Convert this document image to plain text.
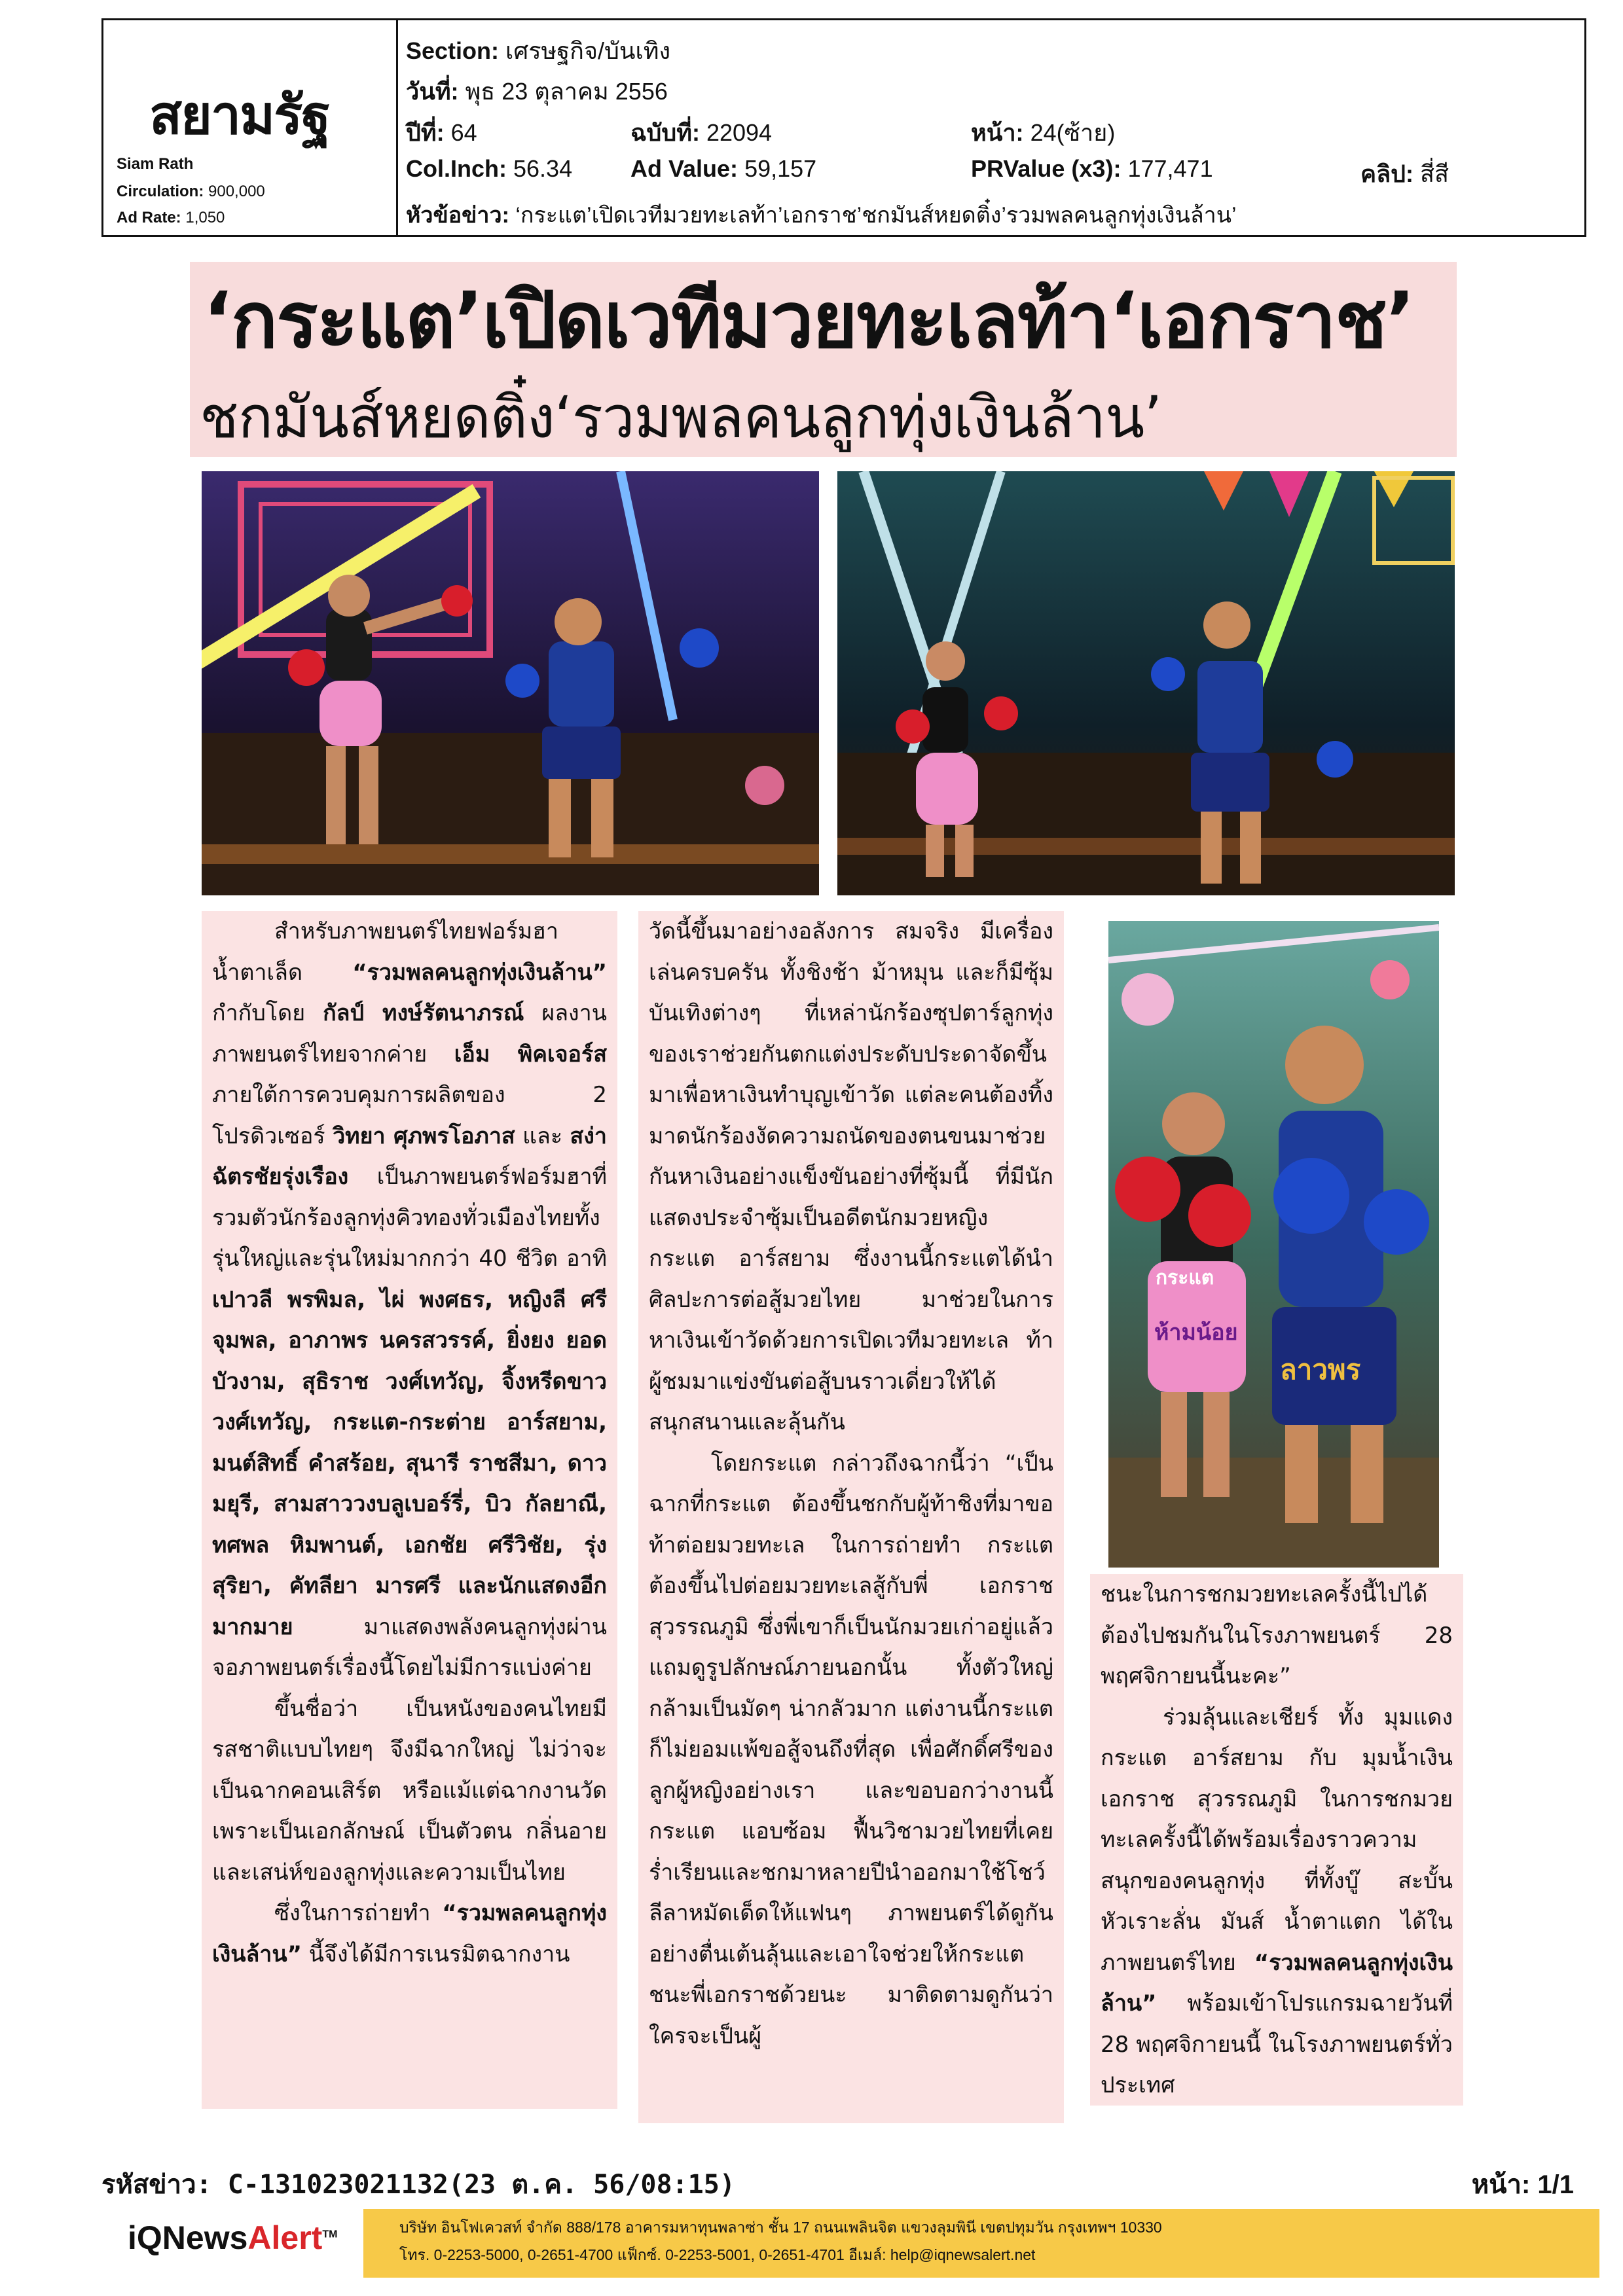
สยามรัฐ
Siam Rath
Circulation: 900,000
Ad Rate: 1,050
Section: เศรษฐกิจ/บันเทิง
วันที่: พุธ 23 ตุลาคม 2556
ปีที่: 64	ฉบับที่: 22094	หน้า: 24(ซ้าย)
Col.Inch: 56.34 Ad Value: 59,157	PRValue (x3): 177,471	คลิป: สี่สี
หัวข้อข่าว: ‘กระแต’เปิดเวทีมวยทะเลท้า’เอกราช’ชกมันส์หยดติ๋ง’รวมพลคนลูกทุ่งเงินล้าน’
‘กระแต’เปิดเวทีมวยทะเลท้า‘เอกราช’
ชกมันส์หยดติ๋ง‘รวมพลคนลูกทุ่งเงินล้าน’
กระแต
ห้ามน้อย
ลาวพร

สำหรับภาพยนตร์ไทยฟอร์มฮา น้ำตาเล็ด “รวมพลคนลูกทุ่งเงินล้าน” กำกับโดย กัลป์ ทงษ์รัตนาภรณ์ ผลงานภาพยนตร์ไทยจากค่าย เอ็ม พิคเจอร์ส ภายใต้การควบคุมการผลิตของ 2 โปรดิวเซอร์ วิทยา ศุภพรโอภาส และ สง่า ฉัตรชัยรุ่งเรือง เป็นภาพยนตร์ฟอร์มฮาที่รวมตัวนักร้องลูกทุ่งคิวทองทั่วเมืองไทยทั้งรุ่นใหญ่และรุ่นใหม่มากกว่า 40 ชีวิต อาทิ เปาวลี พรพิมล, ไผ่ พงศธร, หญิงลี ศรีจุมพล, อาภาพร นครสวรรค์, ยิ่งยง ยอดบัวงาม, สุธิราช วงศ์เทวัญ, จิ้งหรีดขาว วงศ์เทวัญ, กระแต-กระต่าย อาร์สยาม, มนต์สิทธิ์ คำสร้อย, สุนารี ราชสีมา, ดาว มยุรี, สามสาววงบลูเบอร์รี่, บิว กัลยาณี, ทศพล หิมพานต์, เอกชัย ศรีวิชัย, รุ่ง สุริยา, คัทลียา มารศรี และนักแสดงอีกมากมาย มาแสดงพลังคนลูกทุ่งผ่านจอภาพยนตร์เรื่องนี้โดยไม่มีการแบ่งค่าย

ขึ้นชื่อว่า เป็นหนังของคนไทยมีรสชาติแบบไทยๆ จึงมีฉากใหญ่ ไม่ว่าจะเป็นฉากคอนเสิร์ต หรือแม้แต่ฉากงานวัด เพราะเป็นเอกลักษณ์ เป็นตัวตน กลิ่นอาย และเสน่ห์ของลูกทุ่งและความเป็นไทย

ซึ่งในการถ่ายทำ “รวมพลคนลูกทุ่งเงินล้าน” นี้จึงได้มีการเนรมิตฉากงาน

วัดนี้ขึ้นมาอย่างอลังการ สมจริง มีเครื่องเล่นครบครัน ทั้งชิงช้า ม้าหมุน และก็มีซุ้มบันเทิงต่างๆ ที่เหล่านักร้องซุปตาร์ลูกทุ่งของเราช่วยกันตกแต่งประดับประดาจัดขึ้นมาเพื่อหาเงินทำบุญเข้าวัด แต่ละคนต้องทิ้งมาดนักร้องงัดความถนัดของตนขนมาช่วยกันหาเงินอย่างแข็งขันอย่างที่ซุ้มนี้ ที่มีนักแสดงประจำซุ้มเป็นอดีตนักมวยหญิง กระแต อาร์สยาม ซึ่งงานนี้กระแตได้นำศิลปะการต่อสู้มวยไทย มาช่วยในการหาเงินเข้าวัดด้วยการเปิดเวทีมวยทะเล ท้าผู้ชมมาแข่งขันต่อสู้บนราวเดี่ยวให้ได้สนุกสนานและลุ้นกัน

โดยกระแต กล่าวถึงฉากนี้ว่า “เป็นฉากที่กระแต ต้องขึ้นชกกับผู้ท้าชิงที่มาขอท้าต่อยมวยทะเล ในการถ่ายทำ กระแตต้องขึ้นไปต่อยมวยทะเลสู้กับพี่ เอกราช สุวรรณภูมิ ซึ่งพี่เขาก็เป็นนักมวยเก่าอยู่แล้ว แถมดูรูปลักษณ์ภายนอกนั้น ทั้งตัวใหญ่ กล้ามเป็นมัดๆ น่ากลัวมาก แต่งานนี้กระแตก็ไม่ยอมแพ้ขอสู้จนถึงที่สุด เพื่อศักดิ์ศรีของลูกผู้หญิงอย่างเรา และขอบอกว่างานนี้กระแต แอบซ้อม ฟื้นวิชามวยไทยที่เคยร่ำเรียนและชกมาหลายปีนำออกมาใช้โชว์ลีลาหมัดเด็ดให้แฟนๆ ภาพยนตร์ได้ดูกันอย่างตื่นเต้นลุ้นและเอาใจช่วยให้กระแตชนะพี่เอกราชด้วยนะ มาติดตามดูกันว่าใครจะเป็นผู้

ชนะในการชกมวยทะเลครั้งนี้ไปได้ ต้องไปชมกันในโรงภาพยนตร์ 28 พฤศจิกายนนี้นะคะ”

ร่วมลุ้นและเชียร์ ทั้ง มุมแดง กระแต อาร์สยาม กับ มุมน้ำเงิน เอกราช สุวรรณภูมิ ในการชกมวยทะเลครั้งนี้ได้พร้อมเรื่องราวความสนุกของคนลูกทุ่ง ที่ทั้งบู๊ สะบั้นหัวเราะลั่น มันส์ น้ำตาแตก ได้ในภาพยนตร์ไทย “รวมพลคนลูกทุ่งเงินล้าน” พร้อมเข้าโปรแกรมฉายวันที่ 28 พฤศจิกายนนี้ ในโรงภาพยนตร์ทั่วประเทศ

รหัสข่าว: C-131023021132(23 ต.ค. 56/08:15)	หน้า: 1/1
iQNewsAlert™	บริษัท อินโฟเควสท์ จำกัด 888/178 อาคารมหาทุนพลาซ่า ชั้น 17 ถนนเพลินจิต แขวงลุมพินี เขตปทุมวัน กรุงเทพฯ 10330
โทร. 0-2253-5000, 0-2651-4700 แฟ็กซ์. 0-2253-5001, 0-2651-4701 อีเมล์: help@iqnewsalert.net
